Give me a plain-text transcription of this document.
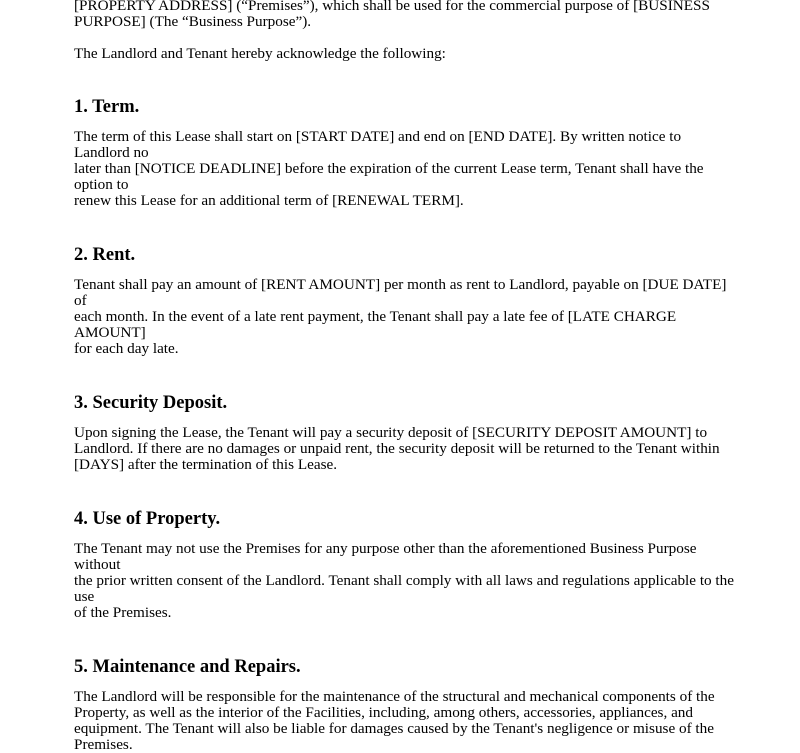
[PROPERTY ADDRESS] (“Premises”), which shall be used for the commercial purpose of [BUSINESS
PURPOSE] (The “Business Purpose”).

The Landlord and Tenant hereby acknowledge the following:

1. Term.

The term of this Lease shall start on [START DATE] and end on [END DATE]. By written notice to Landlord no
later than [NOTICE DEADLINE] before the expiration of the current Lease term, Tenant shall have the option to
renew this Lease for an additional term of [RENEWAL TERM].

2. Rent.

Tenant shall pay an amount of [RENT AMOUNT] per month as rent to Landlord, payable on [DUE DATE] of
each month. In the event of a late rent payment, the Tenant shall pay a late fee of [LATE CHARGE AMOUNT]
for each day late.

3. Security Deposit.

Upon signing the Lease, the Tenant will pay a security deposit of [SECURITY DEPOSIT AMOUNT] to
Landlord. If there are no damages or unpaid rent, the security deposit will be returned to the Tenant within
[DAYS] after the termination of this Lease.

4. Use of Property.

The Tenant may not use the Premises for any purpose other than the aforementioned Business Purpose without
the prior written consent of the Landlord. Tenant shall comply with all laws and regulations applicable to the use
of the Premises.

5. Maintenance and Repairs.

The Landlord will be responsible for the maintenance of the structural and mechanical components of the
Property, as well as the interior of the Facilities, including, among others, accessories, appliances, and
equipment. The Tenant will also be liable for damages caused by the Tenant's negligence or misuse of the
Premises.
